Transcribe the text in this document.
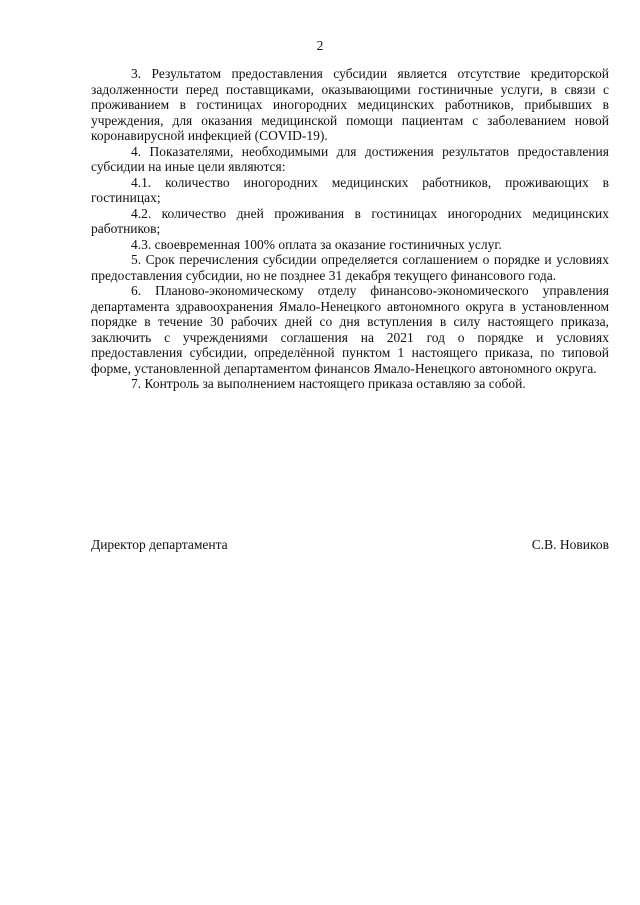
2

3. Результатом предоставления субсидии является отсутствие кредиторской задолженности перед поставщиками, оказывающими гостиничные услуги, в связи с проживанием в гостиницах иногородних медицинских работников, прибывших в учреждения, для оказания медицинской помощи пациентам с заболеванием новой коронавирусной инфекцией (COVID-19).

4. Показателями, необходимыми для достижения результатов предоставления субсидии на иные цели являются:

4.1. количество иногородних медицинских работников, проживающих в гостиницах;

4.2. количество дней проживания в гостиницах иногородних медицинских работников;

4.3. своевременная 100% оплата за оказание гостиничных услуг.

5. Срок перечисления субсидии определяется соглашением о порядке и условиях предоставления субсидии, но не позднее 31 декабря текущего финансового года.

6. Планово-экономическому отделу финансово-экономического управления департамента здравоохранения Ямало-Ненецкого автономного округа в установленном порядке в течение 30 рабочих дней со дня вступления в силу настоящего приказа, заключить с учреждениями соглашения на 2021 год о порядке и условиях предоставления субсидии, определённой пунктом 1 настоящего приказа, по типовой форме, установленной департаментом финансов Ямало-Ненецкого автономного округа.

7. Контроль за выполнением настоящего приказа оставляю за собой.

Директор департамента	С.В. Новиков
